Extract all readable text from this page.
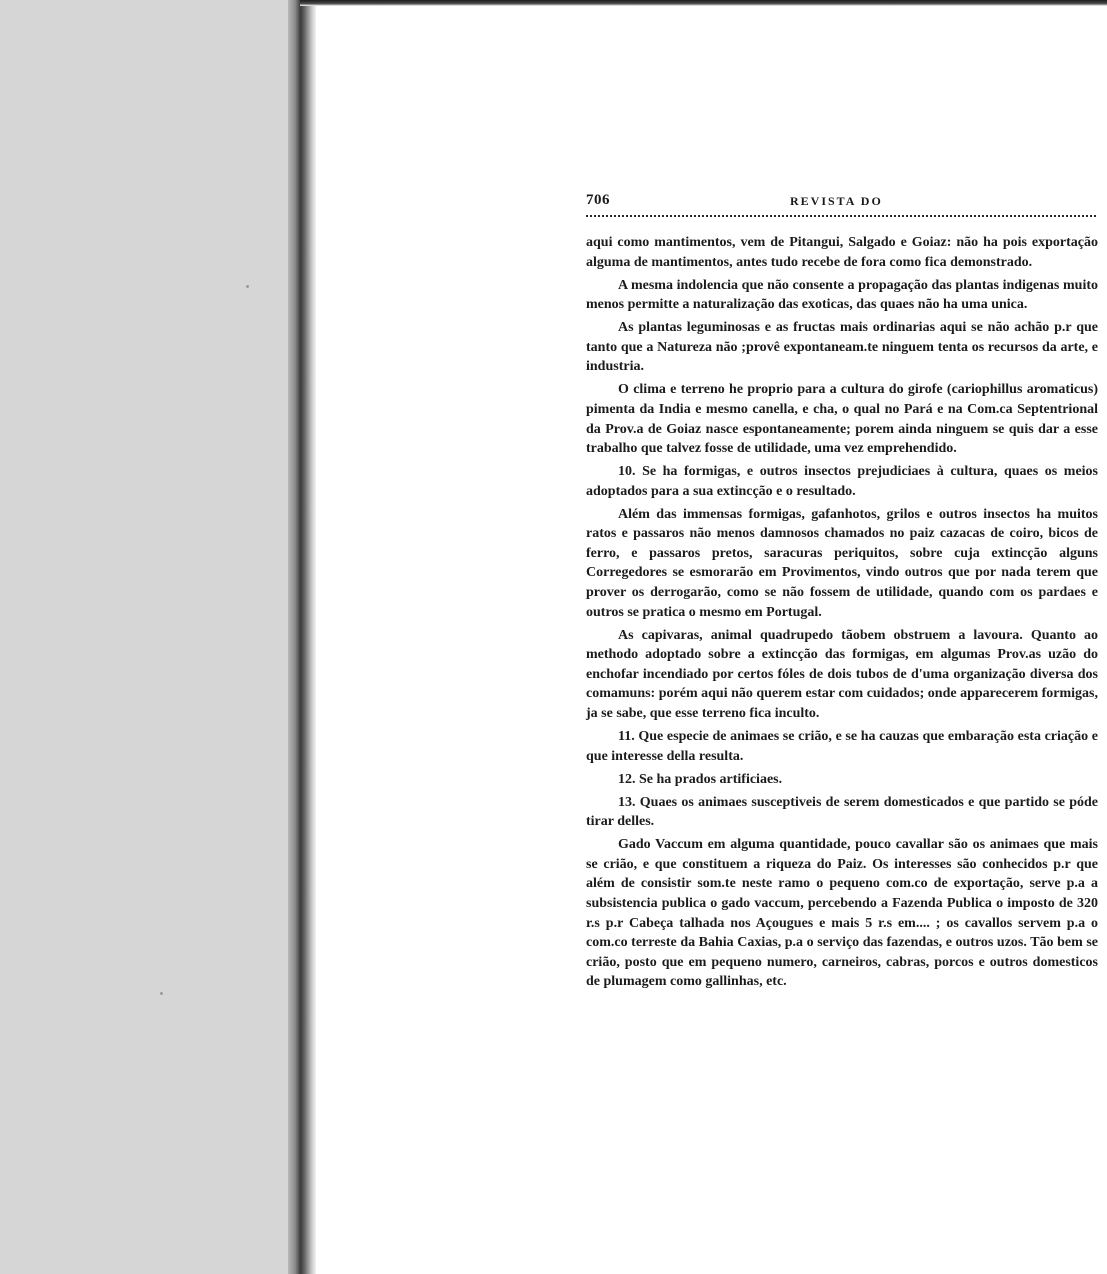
706	REVISTA DO

aqui como mantimentos, vem de Pitangui, Salgado e Goiaz: não ha pois exportação alguma de mantimentos, antes tudo recebe de fora como fica demonstrado.

A mesma indolencia que não consente a propagação das plantas indigenas muito menos permitte a naturalização das exoticas, das quaes não ha uma unica.

As plantas leguminosas e as fructas mais ordinarias aqui se não achão p.r que tanto que a Natureza não ;provê expontaneam.te ninguem tenta os recursos da arte, e industria.

O clima e terreno he proprio para a cultura do girofe (cariophillus aromaticus) pimenta da India e mesmo canella, e cha, o qual no Pará e na Com.ca Septentrional da Prov.a de Goiaz nasce espontaneamente; porem ainda ninguem se quis dar a esse trabalho que talvez fosse de utilidade, uma vez emprehendido.

10. Se ha formigas, e outros insectos prejudiciaes à cultura, quaes os meios adoptados para a sua extincção e o resultado.

Além das immensas formigas, gafanhotos, grilos e outros insectos ha muitos ratos e passaros não menos damnosos chamados no paiz cazacas de coiro, bicos de ferro, e passaros pretos, saracuras periquitos, sobre cuja extincção alguns Corregedores se esmorarão em Provimentos, vindo outros que por nada terem que prover os derrogarão, como se não fossem de utilidade, quando com os pardaes e outros se pratica o mesmo em Portugal.

As capivaras, animal quadrupedo tãobem obstruem a lavoura. Quanto ao methodo adoptado sobre a extincção das formigas, em algumas Prov.as uzão do enchofar incendiado por certos fóles de dois tubos de d'uma organização diversa dos comamuns: porém aqui não querem estar com cuidados; onde apparecerem formigas, ja se sabe, que esse terreno fica inculto.

11. Que especie de animaes se crião, e se ha cauzas que embaração esta criação e que interesse della resulta.

12. Se ha prados artificiaes.

13. Quaes os animaes susceptiveis de serem domesticados e que partido se póde tirar delles.

Gado Vaccum em alguma quantidade, pouco cavallar são os animaes que mais se crião, e que constituem a riqueza do Paiz. Os interesses são conhecidos p.r que além de consistir som.te neste ramo o pequeno com.co de exportação, serve p.a a subsistencia publica o gado vaccum, percebendo a Fazenda Publica o imposto de 320 r.s p.r Cabeça talhada nos Açougues e mais 5 r.s em.... ; os cavallos servem p.a o com.co terreste da Bahia Caxias, p.a o serviço das fazendas, e outros uzos. Tão bem se crião, posto que em pequeno numero, carneiros, cabras, porcos e outros domesticos de plumagem como gallinhas, etc.
